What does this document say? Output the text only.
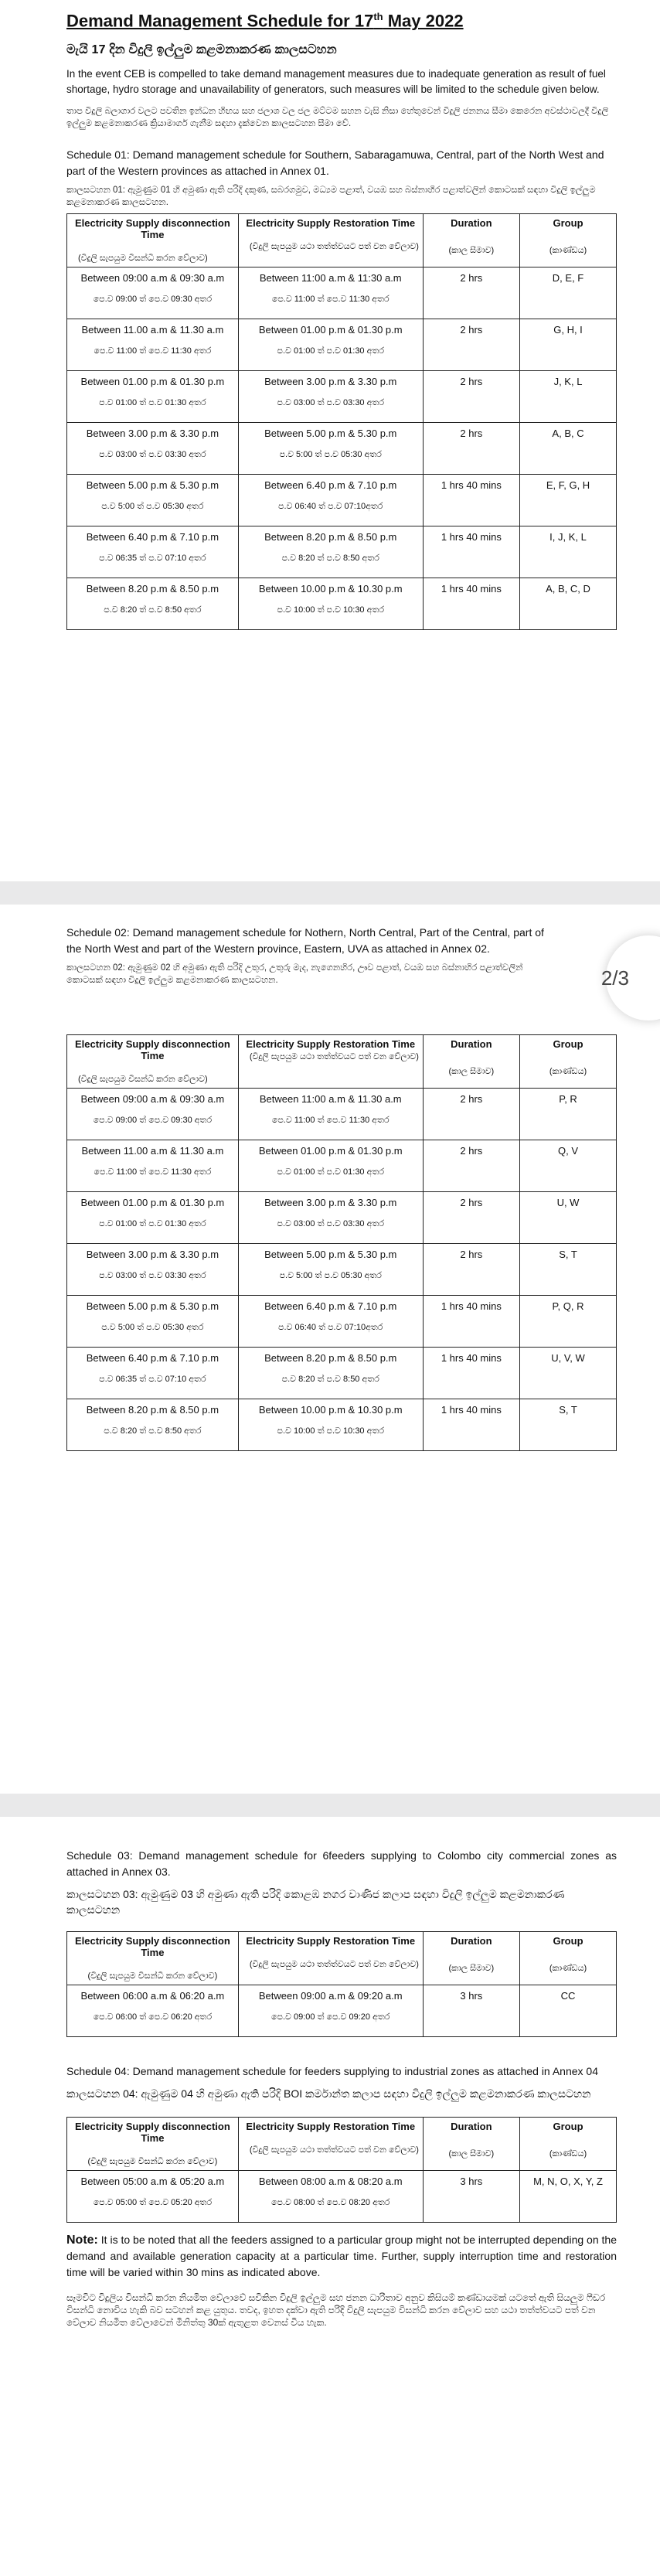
Demand Management Schedule for 17th May 2022
මැයි 17 දින විදුලි ඉල්ලුම කළමනාකරණ කාලසටහන

In the event CEB is compelled to take demand management measures due to inadequate generation as result of fuel shortage, hydro storage and unavailability of generators, such measures will be limited to the schedule given below.

තාප විදුලි බලාගාර වලට පවතින ඉන්ධන හිඟය සහ ජලාශ වල ජල මට්ටම සහන වැසි නිසා හේතුවෙන් විදුලි ජනනය සීමා කෙරෙන අවස්ථාවලදී විදුලි ඉල්ලුම කළමනාකරණ ක්‍රියාමාර්ග ගැනීම සඳහා දැක්වෙන කාලසටහන සීමා වේ.

Schedule 01: Demand management schedule for Southern, Sabaragamuwa, Central, part of the North West and part of the Western provinces as attached in Annex 01.

කාලසටහන 01: ඇමුණුම 01 හි අමුණා ඇති පරිදි දකුණ, සබරගමුව, මධ්‍යම පළාත්, වයඹ සහ බස්නාහිර පළාත්වලින් කොටසක් සඳහා විදුලි ඉල්ලුම කළමනාකරණ කාලසටහන.

Electricity Supply disconnection Time
(විදුලි සැපයුම විසන්ධි කරන වේලාව)	Electricity Supply Restoration Time
(විදුලි සැපයුම යථා තත්ත්වයට පත් වන වේලාව)	Duration
(කාල සීමාව)	Group
(කාණ්ඩය)

Between 09:00 a.m & 09:30 a.m
පෙ.ව 09:00 ත් පෙ.ව 09:30 අතර	Between 11:00 a.m & 11:30 a.m
පෙ.ව 11:00 ත් පෙ.ව 11:30 අතර	2 hrs	D, E, F

Between 11.00 a.m & 11.30 a.m
පෙ.ව 11:00 ත් පෙ.ව 11:30 අතර	Between 01.00 p.m & 01.30 p.m
ප.ව 01:00 ත් ප.ව 01:30 අතර	2 hrs	G, H, I

Between 01.00 p.m & 01.30 p.m
ප.ව 01:00 ත් ප.ව 01:30 අතර	Between 3.00 p.m & 3.30 p.m
ප.ව 03:00 ත් ප.ව 03:30 අතර	2 hrs	J, K, L

Between 3.00 p.m & 3.30 p.m
ප.ව 03:00 ත් ප.ව 03:30 අතර	Between 5.00 p.m & 5.30 p.m
ප.ව 5:00 ත් ප.ව 05:30 අතර	2 hrs	A, B, C

Between 5.00 p.m & 5.30 p.m
ප.ව 5:00 ත් ප.ව 05:30 අතර	Between 6.40 p.m & 7.10 p.m
ප.ව 06:40 ත් ප.ව 07:10අතර	1 hrs 40 mins	E, F, G, H

Between 6.40 p.m & 7.10 p.m
ප.ව 06:35 ත් ප.ව 07:10 අතර	Between 8.20 p.m & 8.50 p.m
ප.ව 8:20 ත් ප.ව 8:50 අතර	1 hrs 40 mins	I, J, K, L

Between 8.20 p.m & 8.50 p.m
ප.ව 8:20 ත් ප.ව 8:50 අතර	Between 10.00 p.m & 10.30 p.m
ප.ව 10:00 ත් ප.ව 10:30 අතර	1 hrs 40 mins	A, B, C, D
2/3

Schedule 02: Demand management schedule for Nothern, North Central, Part of the Central, part of the North West and part of the Western province, Eastern, UVA as attached in Annex 02.

කාලසටහන 02: ඇමුණුම 02 හි අමුණා ඇති පරිදි උතුර, උතුරු මැද, නැගෙනහිර, ඌව පළාත්, වයඹ සහ බස්නාහිර පළාත්වලින් කොටසක් සඳහා විදුලි ඉල්ලුම කළමනාකරණ කාලසටහන.

Electricity Supply disconnection Time
(විදුලි සැපයුම විසන්ධි කරන වේලාව)	Electricity Supply Restoration Time
(විදුලි සැපයුම යථා තත්ත්වයට පත් වන වේලාව)	Duration
(කාල සීමාව)	Group
(කාණ්ඩය)

Between 09:00 a.m & 09:30 a.m
පෙ.ව 09:00 ත් පෙ.ව 09:30 අතර	Between 11:00 a.m & 11.30 a.m
පෙ.ව 11:00 ත් පෙ.ව 11:30 අතර	2 hrs	P, R

Between 11.00 a.m & 11.30 a.m
පෙ.ව 11:00 ත් පෙ.ව 11:30 අතර	Between 01.00 p.m & 01.30 p.m
ප.ව 01:00 ත් ප.ව 01:30 අතර	2 hrs	Q, V

Between 01.00 p.m & 01.30 p.m
ප.ව 01:00 ත් ප.ව 01:30 අතර	Between 3.00 p.m & 3.30 p.m
ප.ව 03:00 ත් ප.ව 03:30 අතර	2 hrs	U, W

Between 3.00 p.m & 3.30 p.m
ප.ව 03:00 ත් ප.ව 03:30 අතර	Between 5.00 p.m & 5.30 p.m
ප.ව 5:00 ත් ප.ව 05:30 අතර	2 hrs	S, T

Between 5.00 p.m & 5.30 p.m
ප.ව 5:00 ත් ප.ව 05:30 අතර	Between 6.40 p.m & 7.10 p.m
ප.ව 06:40 ත් ප.ව 07:10අතර	1 hrs 40 mins	P, Q, R

Between 6.40 p.m & 7.10 p.m
ප.ව 06:35 ත් ප.ව 07:10 අතර	Between 8.20 p.m & 8.50 p.m
ප.ව 8:20 ත් ප.ව 8:50 අතර	1 hrs 40 mins	U, V, W

Between 8.20 p.m & 8.50 p.m
ප.ව 8:20 ත් ප.ව 8:50 අතර	Between 10.00 p.m & 10.30 p.m
ප.ව 10:00 ත් ප.ව 10:30 අතර	1 hrs 40 mins	S, T

Schedule 03: Demand management schedule for 6feeders supplying to Colombo city commercial zones as attached in Annex 03.

කාලසටහන 03: ඇමුණුම 03 හි අමුණා ඇති පරිදි කොළඹ නගර වාණිජ කලාප සඳහා විදුලි ඉල්ලුම කළමනාකරණ කාලසටහන

Electricity Supply disconnection Time
(විදුලි සැපයුම විසන්ධි කරන වේලාව)	Electricity Supply Restoration Time
(විදුලි සැපයුම යථා තත්ත්වයට පත් වන වේලාව)	Duration
(කාල සීමාව)	Group
(කාණ්ඩය)

Between 06:00 a.m & 06:20 a.m
පෙ.ව 06:00 ත් පෙ.ව 06:20 අතර	Between 09:00 a.m & 09:20 a.m
පෙ.ව 09:00 ත් පෙ.ව 09:20 අතර	3 hrs	CC

Schedule 04: Demand management schedule for feeders supplying to industrial zones as attached in Annex 04

කාලසටහන 04: ඇමුණුම 04 හි අමුණා ඇති පරිදි BOI කර්මාන්ත කලාප සඳහා විදුලි ඉල්ලුම කළමනාකරණ කාලසටහන

Electricity Supply disconnection Time
(විදුලි සැපයුම විසන්ධි කරන වේලාව)	Electricity Supply Restoration Time
(විදුලි සැපයුම යථා තත්ත්වයට පත් වන වේලාව)	Duration
(කාල සීමාව)	Group
(කාණ්ඩය)

Between 05:00 a.m & 05:20 a.m
පෙ.ව 05:00 ත් පෙ.ව 05:20 අතර	Between 08:00 a.m & 08:20 a.m
පෙ.ව 08:00 ත් පෙ.ව 08:20 අතර	3 hrs	M, N, O, X, Y, Z

Note: It is to be noted that all the feeders assigned to a particular group might not be interrupted depending on the demand and available generation capacity at a particular time. Further, supply interruption time and restoration time will be varied within 30 mins as indicated above.

සෑමවිට විදුලිය විසන්ධි කරන නියමිත වේලාවේ සවිකින විදුලි ඉල්ලුම සහ ජනන ධාරිතාව අනුව කිසියම් කණ්ඩායමක් යටතේ ඇති සියලුම ෆීඩර විසන්ධි නොවිය හැකි බව සටහන් කළ යුතුය. තවද, ඉහත දක්වා ඇති පරිදි විදුලි සැපයුම විසන්ධි කරන වේලාව සහ යථා තත්ත්වයට පත් වන වේලාව නියමිත වේලාවෙන් මිනිත්තු 30ක් ඇතුළත වෙනස් විය හැක.
